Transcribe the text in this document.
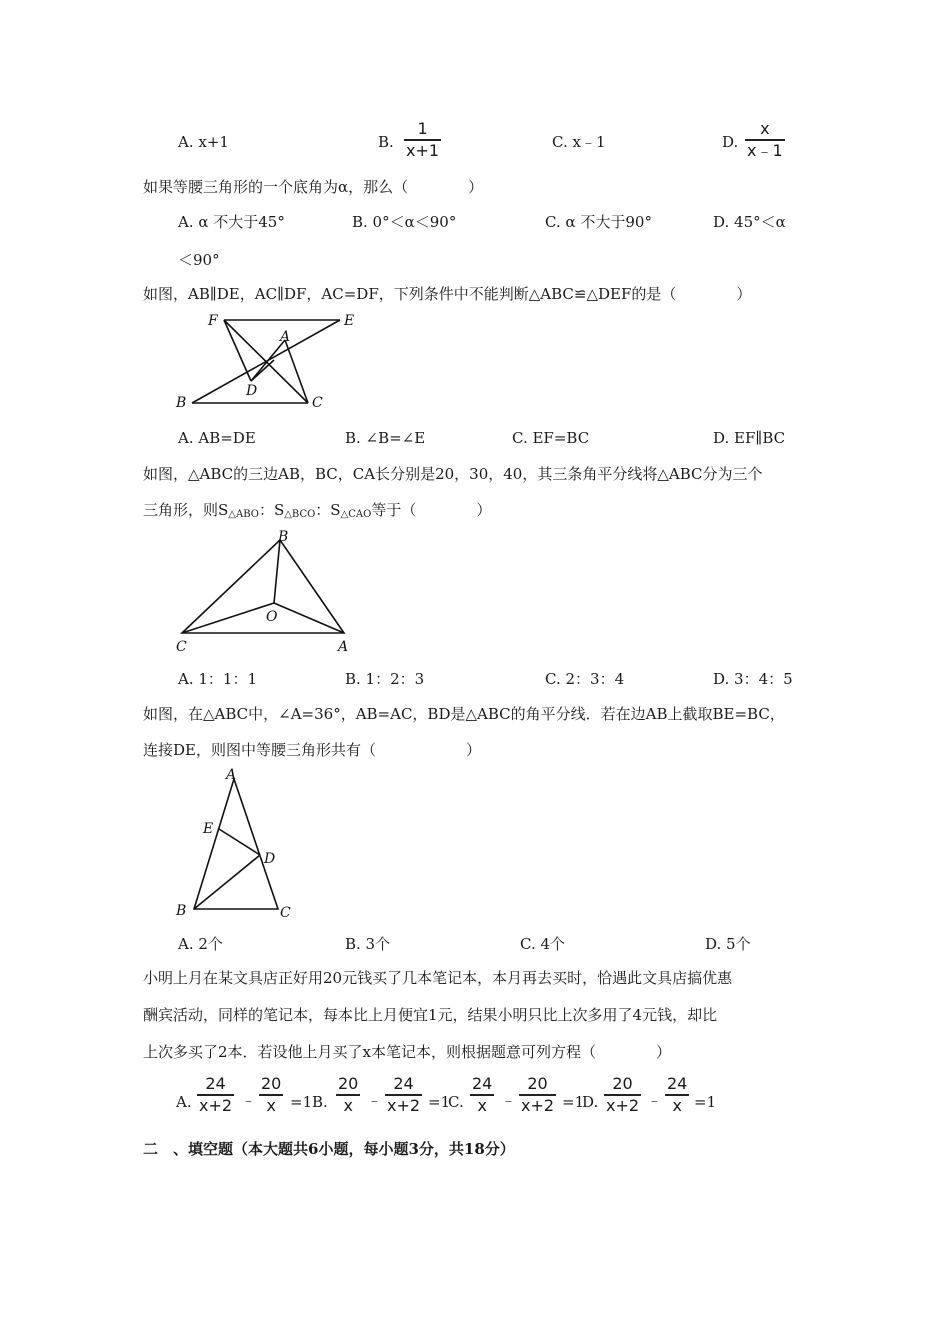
A. x+1	B.
1
x+1	C. x﹣1	D.
x
x﹣1
如果等腰三角形的一个底角为α，那么（　　　　）
A. α 不大于45°	B. 0°＜α＜90°	C. α 不大于90°	D. 45°＜α
＜90°
如图，AB∥DE，AC∥DF，AC=DF，下列条件中不能判断△ABC≌△DEF的是（　　　　）
F	E
A
D
B	C
A. AB=DE	B. ∠B=∠E	C. EF=BC	D. EF∥BC
如图，△ABC的三边AB，BC，CA长分别是20，30，40，其三条角平分线将△ABC分为三个
三角形，则$S_{\triangle ABO}$：$S_{\triangle BCO}$：$S_{\triangle CAO}$等于（　　　　）
B
O
C	A
A. 1：1：1	B. 1：2：3	C. 2：3：4	D. 3：4：5
如图，在△ABC中，∠A=36°，AB=AC，BD是△ABC的角平分线．若在边AB上截取BE=BC，
连接DE，则图中等腰三角形共有（　　　　　　）
A
E
D
B	C
A. 2个	B. 3个	C. 4个	D. 5个
小明上月在某文具店正好用20元钱买了几本笔记本，本月再去买时，恰遇此文具店搞优惠
酬宾活动，同样的笔记本，每本比上月便宜1元，结果小明只比上次多用了4元钱，却比
上次多买了2本．若设他上月买了x本笔记本，则根据题意可列方程（　　　　）
A.
24
x+2 ﹣
20
x =1 B.
20
x ﹣
24
x+2 =1
C.
24
x ﹣
20
x+2 =1
D.
20
x+2 ﹣
24
x =1
二　、填空题（本大题共6小题，每小题3分，共18分）
